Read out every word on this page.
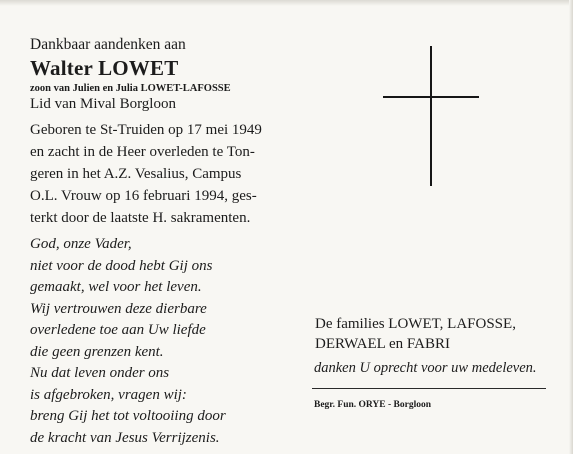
Dankbaar aandenken aan
Walter LOWET
zoon van Julien en Julia LOWET-LAFOSSE
Lid van Mival Borgloon
Geboren te St-Truiden op 17 mei 1949
en zacht in de Heer overleden te Ton-
geren in het A.Z. Vesalius, Campus
O.L. Vrouw op 16 februari 1994, ges-
terkt door de laatste H. sakramenten.
God, onze Vader,
niet voor de dood hebt Gij ons
gemaakt, wel voor het leven.
Wij vertrouwen deze dierbare
overledene toe aan Uw liefde
die geen grenzen kent.
Nu dat leven onder ons
is afgebroken, vragen wij:
breng Gij het tot voltooiing door
de kracht van Jesus Verrijzenis.
De families LOWET, LAFOSSE,
DERWAEL en FABRI
danken U oprecht voor uw medeleven.
Begr. Fun. ORYE - Borgloon
